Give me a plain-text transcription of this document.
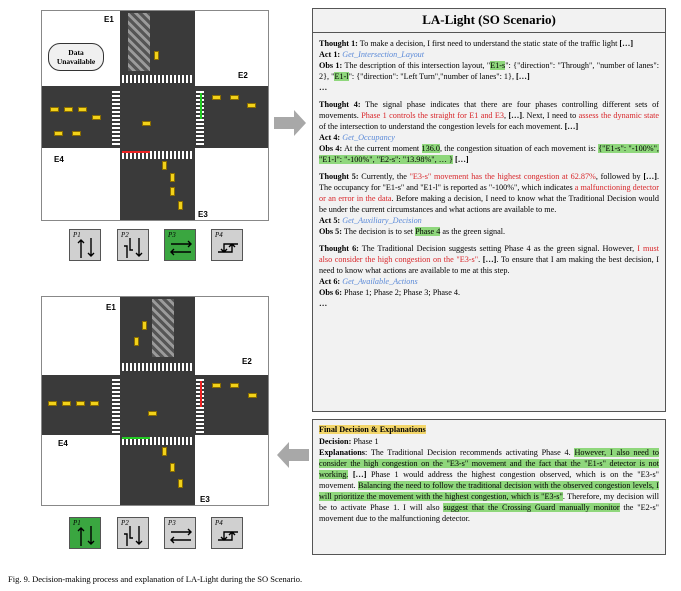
E1
E2
E3
E4
Data Unavailable
P1	P2	P3	P4
E1
E2
E3
E4
P1	P2	P3	P4
LA-Light (SO Scenario)

Thought 1: To make a decision, I first need to understand the static state of the traffic light […]
Act 1: Get_Intersection_Layout
Obs 1: The description of this intersection layout, "E1-s": {"direction": "Through", "number of lanes": 2}, "E1-l": {"direction": "Left Turn","number of lanes": 1}, […]
…

Thought 4: The signal phase indicates that there are four phases controlling different sets of movements. Phase 1 controls the straight for E1 and E3, […]. Next, I need to assess the dynamic state of the intersection to understand the congestion levels for each movement. […]
Act 4: Get_Occupancy
Obs 4: At the current moment 136.0, the congestion situation of each movement is: {"E1-s": "-100%", "E1-l": "-100%", "E2-s": "13.98%", … } […]

Thought 5: Currently, the "E3-s" movement has the highest congestion at 62.87%, followed by […]. The occupancy for "E1-s" and "E1-l" is reported as "-100%", which indicates a malfunctioning detector or an error in the data. Before making a decision, I need to know what the Traditional Decision would be under the current circumstances and what actions are available to me.
Act 5: Get_Auxiliary_Decision
Obs 5: The decision is to set Phase 4 as the green signal.

Thought 6: The Traditional Decision suggests setting Phase 4 as the green signal. However, I must also consider the high congestion on the "E3-s". […]. To ensure that I am making the best decision, I need to know what actions are available to me at this step.
Act 6: Get_Available_Actions
Obs 6: Phase 1; Phase 2; Phase 3; Phase 4.
…

Final Decision & Explanations
Decision: Phase 1

Explanations: The Traditional Decision recommends activating Phase 4. However, I also need to consider the high congestion on the "E3-s" movement and the fact that the "E1-s" detector is not working. […] Phase 1 would address the highest congestion observed, which is on the "E3-s" movement. Balancing the need to follow the traditional decision with the observed congestion levels, I will prioritize the movement with the highest congestion, which is "E3-s". Therefore, my decision will be to activate Phase 1. I will also suggest that the Crossing Guard manually monitor the "E2-s" movement due to the malfunctioning detector.

Fig. 9. Decision-making process and explanation of LA-Light during the SO Scenario.
